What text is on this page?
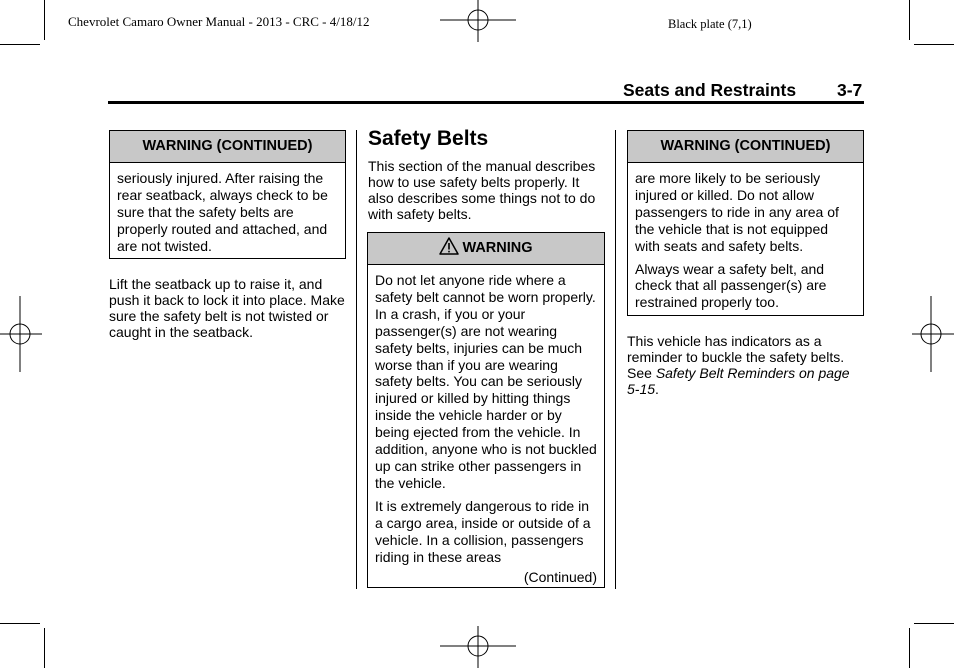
Chevrolet Camaro Owner Manual - 2013 - CRC - 4/18/12	Black plate (7,1)
Seats and Restraints 3-7
WARNING (CONTINUED)

seriously injured. After raising the rear seatback, always check to be sure that the safety belts are properly routed and attached, and are not twisted.

Lift the seatback up to raise it, and push it back to lock it into place. Make sure the safety belt is not twisted or caught in the seatback.
Safety Belts
This section of the manual describes how to use safety belts properly. It also describes some things not to do with safety belts.
WARNING

Do not let anyone ride where a safety belt cannot be worn properly. In a crash, if you or your passenger(s) are not wearing safety belts, injuries can be much worse than if you are wearing safety belts. You can be seriously injured or killed by hitting things inside the vehicle harder or by being ejected from the vehicle. In addition, anyone who is not buckled up can strike other passengers in the vehicle.

It is extremely dangerous to ride in a cargo area, inside or outside of a vehicle. In a collision, passengers riding in these areas

(Continued)
WARNING (CONTINUED)

are more likely to be seriously injured or killed. Do not allow passengers to ride in any area of the vehicle that is not equipped with seats and safety belts.

Always wear a safety belt, and check that all passenger(s) are restrained properly too.

This vehicle has indicators as a reminder to buckle the safety belts. See Safety Belt Reminders on page 5-15.
